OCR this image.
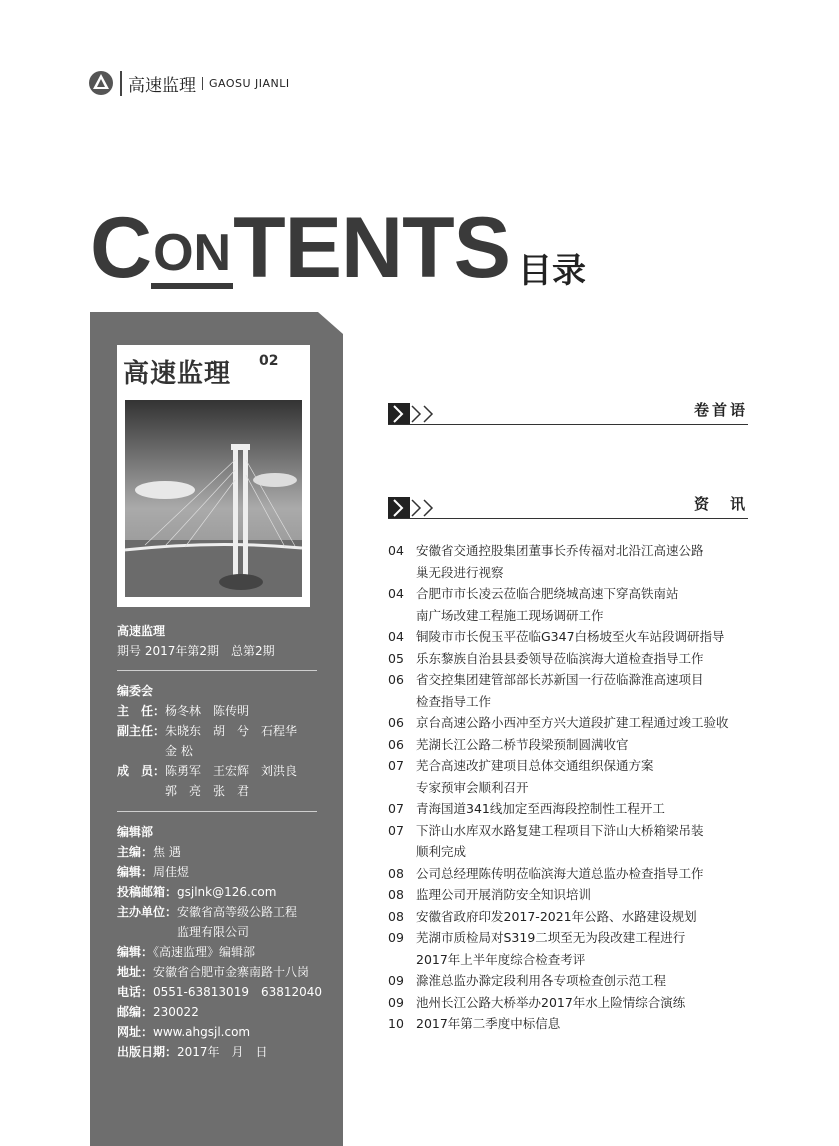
高速监理	GAOSU JIANLI
C ON TENTS 目录
高速监理 02
高速监理
期号 2017年第2期　总第2期
编委会
主　任：杨冬林　陈传明
副主任：朱晓东　胡　兮　石程华
金 松
成　员：陈勇军　王宏辉　刘洪良
郭　亮　张　君
编辑部
主编：焦 遇
编辑：周佳煜
投稿邮箱：gsjlnk@126.com
主办单位：安徽省高等级公路工程
监理有限公司
编辑：《高速监理》编辑部
地址：安徽省合肥市金寨南路十八岗
电话：0551-63813019　63812040
邮编：230022
网址：www.ahgsjl.com
出版日期：2017年　月　日
卷首语
资　讯
04 安徽省交通控股集团董事长乔传福对北沿江高速公路
巢无段进行视察
04 合肥市市长凌云莅临合肥绕城高速下穿高铁南站
南广场改建工程施工现场调研工作
04 铜陵市市长倪玉平莅临G347白杨坡至火车站段调研指导
05 乐东黎族自治县县委领导莅临滨海大道检查指导工作
06 省交控集团建管部部长苏新国一行莅临滁淮高速项目
检查指导工作
06 京台高速公路小西冲至方兴大道段扩建工程通过竣工验收
06 芜湖长江公路二桥节段梁预制圆满收官
07 芜合高速改扩建项目总体交通组织保通方案
专家预审会顺利召开
07 青海国道341线加定至西海段控制性工程开工
07 下浒山水库双水路复建工程项目下浒山大桥箱梁吊装
顺利完成
08 公司总经理陈传明莅临滨海大道总监办检查指导工作
08 监理公司开展消防安全知识培训
08 安徽省政府印发2017-2021年公路、水路建设规划
09 芜湖市质检局对S319二坝至无为段改建工程进行
2017年上半年度综合检查考评
09 滁淮总监办滁定段利用各专项检查创示范工程
09 池州长江公路大桥举办2017年水上险情综合演练
10 2017年第二季度中标信息
